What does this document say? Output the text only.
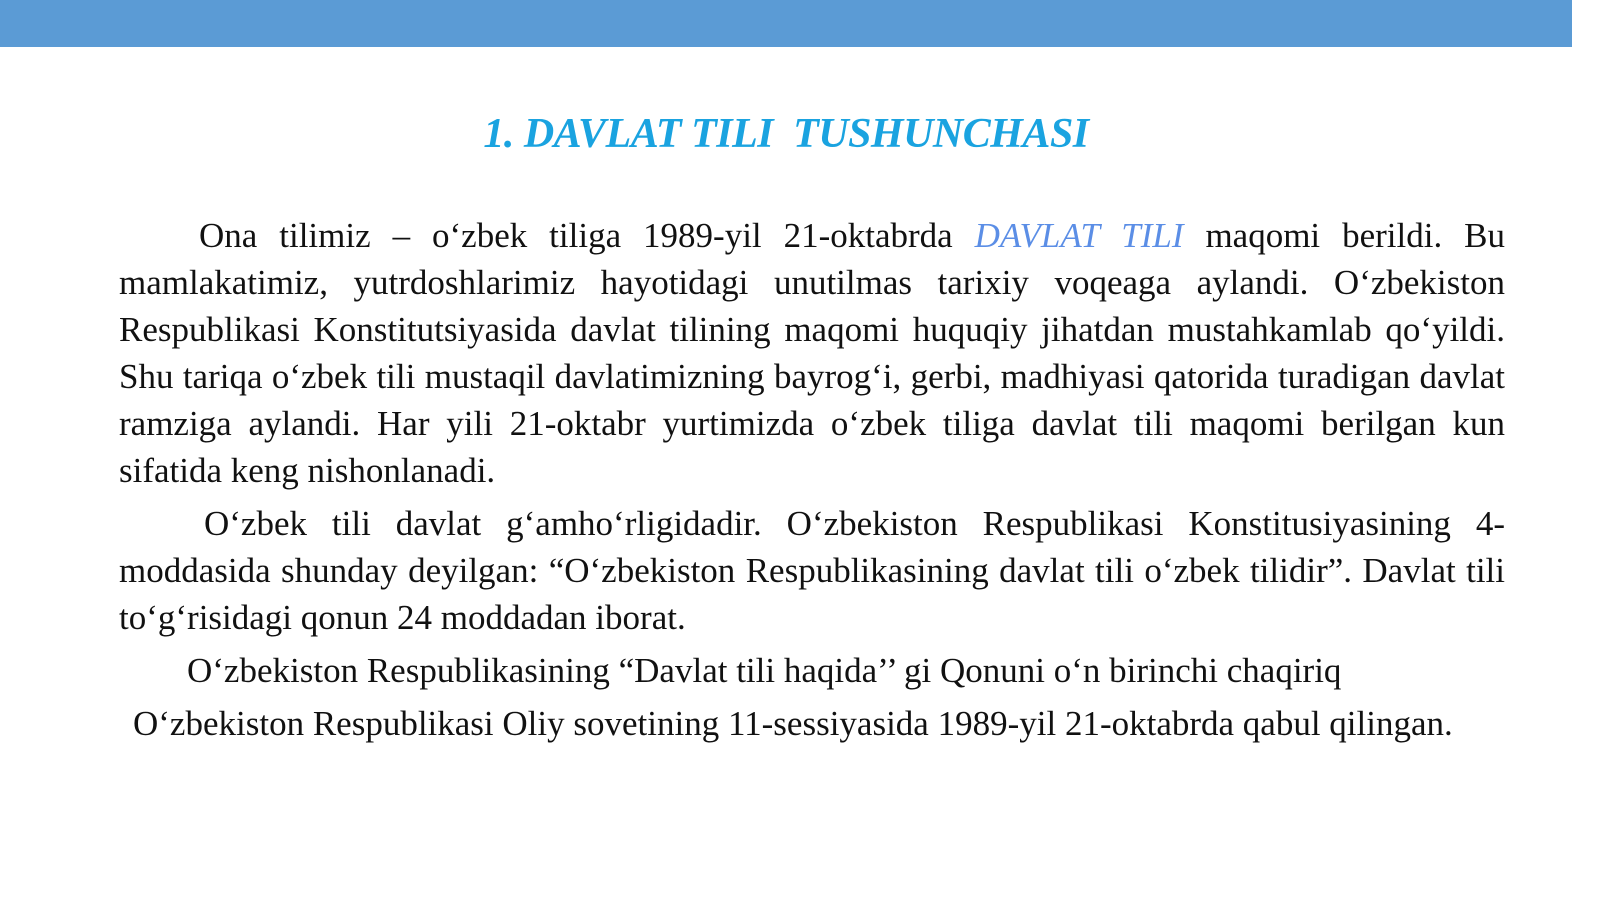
1. DAVLAT TILI  TUSHUNCHASI

Ona tilimiz – o‘zbek tiliga 1989-yil 21-oktabrda DAVLAT TILI maqomi berildi. Bu mamlakatimiz, yutrdoshlarimiz hayotidagi unutilmas tarixiy voqeaga aylandi. O‘zbekiston Respublikasi Konstitutsiyasida davlat tilining maqomi huquqiy jihatdan mustahkamlab qo‘yildi. Shu tariqa o‘zbek tili mustaqil davlatimizning bayrog‘i, gerbi, madhiyasi qatorida turadigan davlat ramziga aylandi. Har yili 21-oktabr yurtimizda o‘zbek tiliga davlat tili maqomi berilgan kun sifatida keng nishonlanadi.

O‘zbek tili davlat g‘amho‘rligidadir. O‘zbekiston Respublikasi Konstitusiyasining 4-moddasida shunday deyilgan: “O‘zbekiston Respublikasining davlat tili o‘zbek tilidir”. Davlat tili to‘g‘risidagi qonun 24 moddadan iborat.

O‘zbekiston Respublikasining “Davlat tili haqida’’ gi Qonuni o‘n birinchi chaqiriq

O‘zbekiston Respublikasi Oliy sovetining 11-sessiyasida 1989-yil 21-oktabrda qabul qilingan.
